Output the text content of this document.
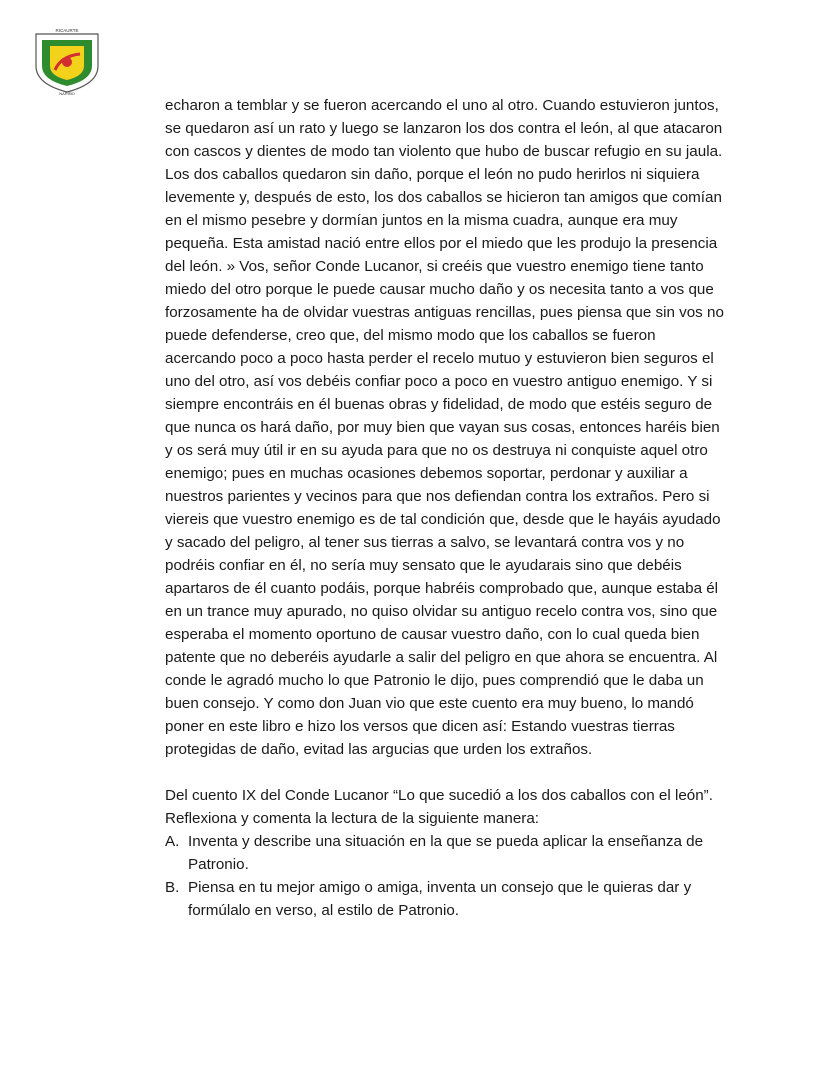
RICAURTE
NARIÑO

echaron a temblar y se fueron acercando el uno al otro. Cuando estuvieron juntos, se quedaron así un rato y luego se lanzaron los dos contra el león, al que atacaron con cascos y dientes de modo tan violento que hubo de buscar refugio en su jaula. Los dos caballos quedaron sin daño, porque el león no pudo herirlos ni siquiera levemente y, después de esto, los dos caballos se hicieron tan amigos que comían en el mismo pesebre y dormían juntos en la misma cuadra, aunque era muy pequeña. Esta amistad nació entre ellos por el miedo que les produjo la presencia del león. » Vos, señor Conde Lucanor, si creéis que vuestro enemigo tiene tanto miedo del otro porque le puede causar mucho daño y os necesita tanto a vos que forzosamente ha de olvidar vuestras antiguas rencillas, pues piensa que sin vos no puede defenderse, creo que, del mismo modo que los caballos se fueron acercando poco a poco hasta perder el recelo mutuo y estuvieron bien seguros el uno del otro, así vos debéis confiar poco a poco en vuestro antiguo enemigo. Y si siempre encontráis en él buenas obras y fidelidad, de modo que estéis seguro de que nunca os hará daño, por muy bien que vayan sus cosas, entonces haréis bien y os será muy útil ir en su ayuda para que no os destruya ni conquiste aquel otro enemigo; pues en muchas ocasiones debemos soportar, perdonar y auxiliar a nuestros parientes y vecinos para que nos defiendan contra los extraños. Pero si viereis que vuestro enemigo es de tal condición que, desde que le hayáis ayudado y sacado del peligro, al tener sus tierras a salvo, se levantará contra vos y no podréis confiar en él, no sería muy sensato que le ayudarais sino que debéis apartaros de él cuanto podáis, porque habréis comprobado que, aunque estaba él en un trance muy apurado, no quiso olvidar su antiguo recelo contra vos, sino que esperaba el momento oportuno de causar vuestro daño, con lo cual queda bien patente que no deberéis ayudarle a salir del peligro en que ahora se encuentra. Al conde le agradó mucho lo que Patronio le dijo, pues comprendió que le daba un buen consejo. Y como don Juan vio que este cuento era muy bueno, lo mandó poner en este libro e hizo los versos que dicen así: Estando vuestras tierras protegidas de daño, evitad las argucias que urden los extraños.

Del cuento IX del Conde Lucanor “Lo que sucedió a los dos caballos con el león”. Reflexiona y comenta la lectura de la siguiente manera:

A. Inventa y describe una situación en la que se pueda aplicar la enseñanza de Patronio.
B. Piensa en tu mejor amigo o amiga, inventa un consejo que le quieras dar y formúlalo en verso, al estilo de Patronio.
